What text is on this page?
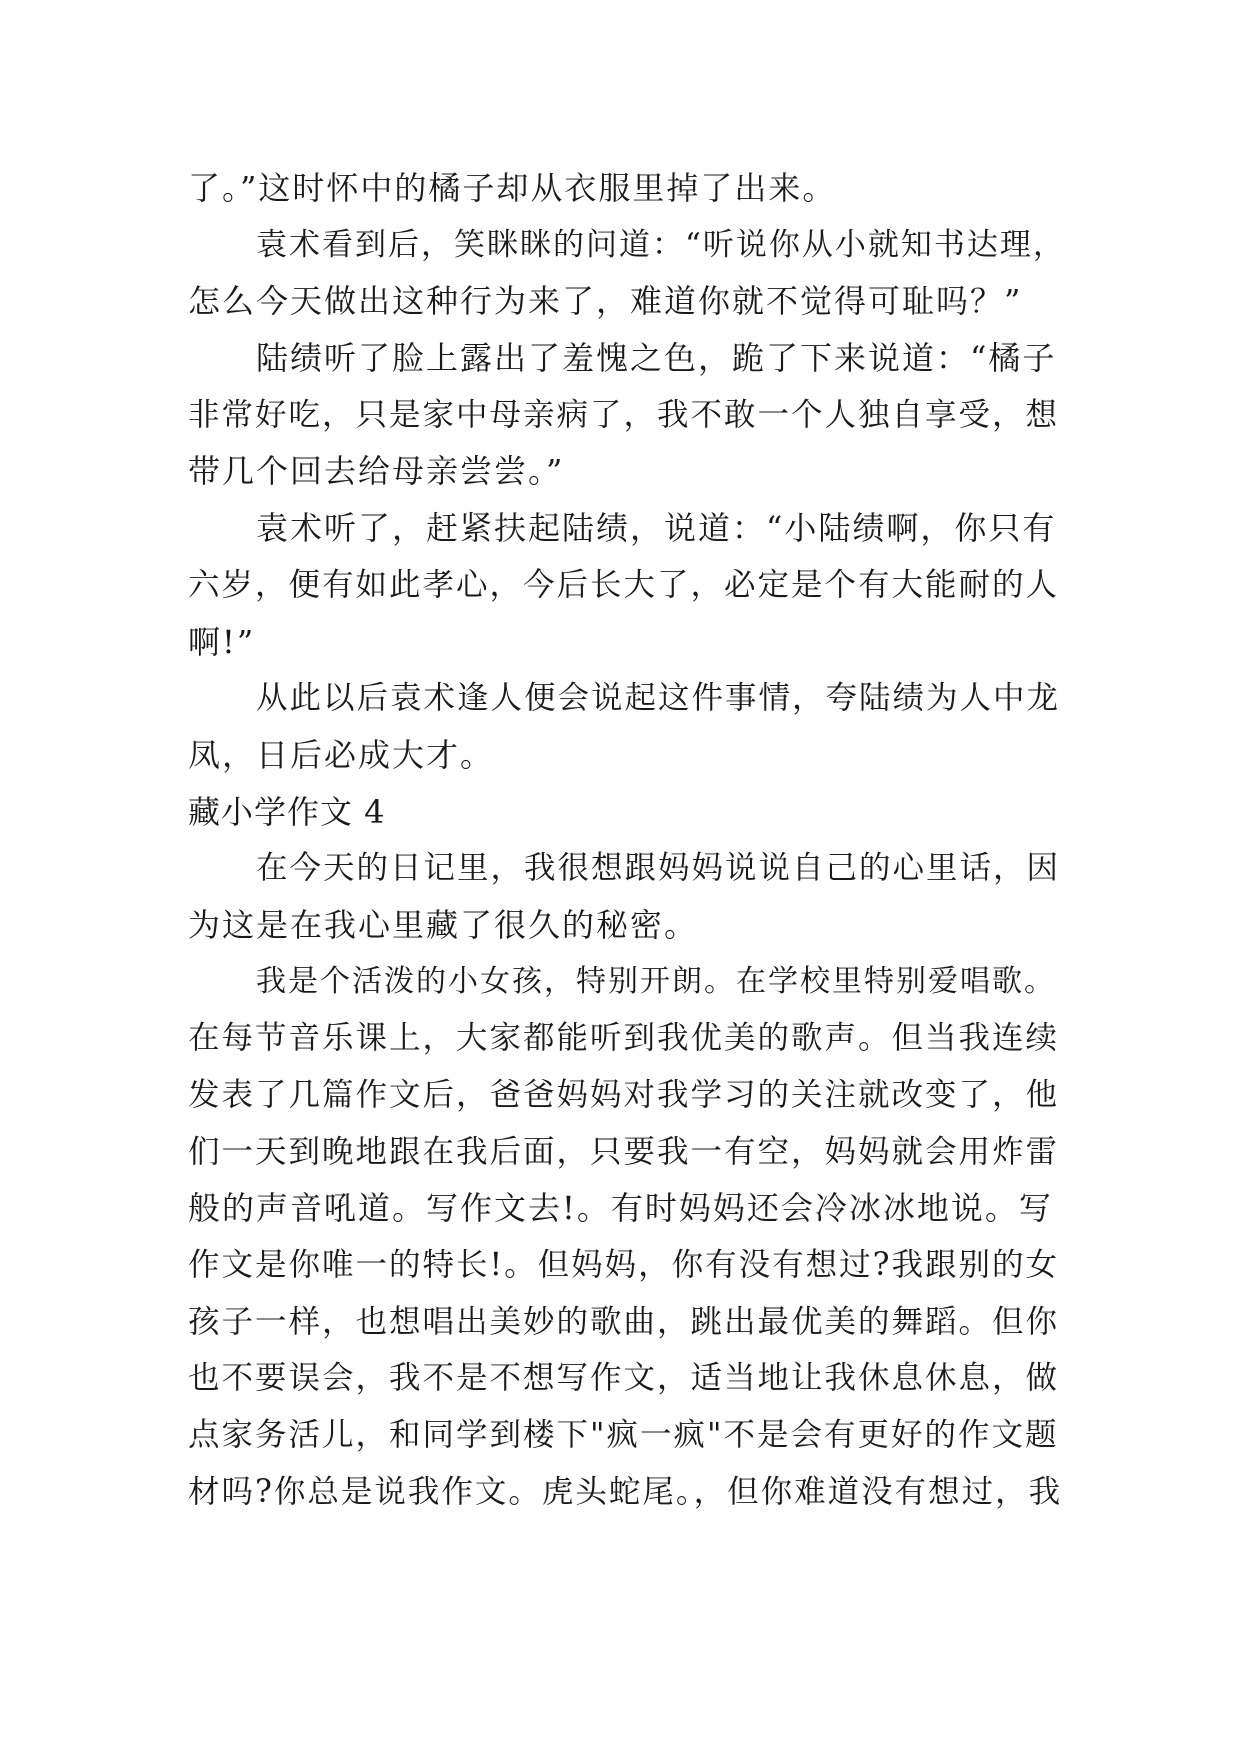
了。”这时怀中的橘子却从衣服里掉了出来。
袁术看到后，笑眯眯的问道：“听说你从小就知书达理，
怎么今天做出这种行为来了，难道你就不觉得可耻吗？”
陆绩听了脸上露出了羞愧之色，跪了下来说道：“橘子
非常好吃，只是家中母亲病了，我不敢一个人独自享受，想
带几个回去给母亲尝尝。”
袁术听了，赶紧扶起陆绩，说道：“小陆绩啊，你只有
六岁，便有如此孝心，今后长大了，必定是个有大能耐的人
啊!”
从此以后袁术逢人便会说起这件事情，夸陆绩为人中龙
凤，日后必成大才。
藏小学作文 4
在今天的日记里，我很想跟妈妈说说自己的心里话，因
为这是在我心里藏了很久的秘密。
我是个活泼的小女孩，特别开朗。在学校里特别爱唱歌。
在每节音乐课上，大家都能听到我优美的歌声。但当我连续
发表了几篇作文后，爸爸妈妈对我学习的关注就改变了，他
们一天到晚地跟在我后面，只要我一有空，妈妈就会用炸雷
般的声音吼道。写作文去!。有时妈妈还会冷冰冰地说。写
作文是你唯一的特长!。但妈妈，你有没有想过?我跟别的女
孩子一样，也想唱出美妙的歌曲，跳出最优美的舞蹈。但你
也不要误会，我不是不想写作文，适当地让我休息休息，做
点家务活儿，和同学到楼下"疯一疯"不是会有更好的作文题
材吗?你总是说我作文。虎头蛇尾。，但你难道没有想过，我
